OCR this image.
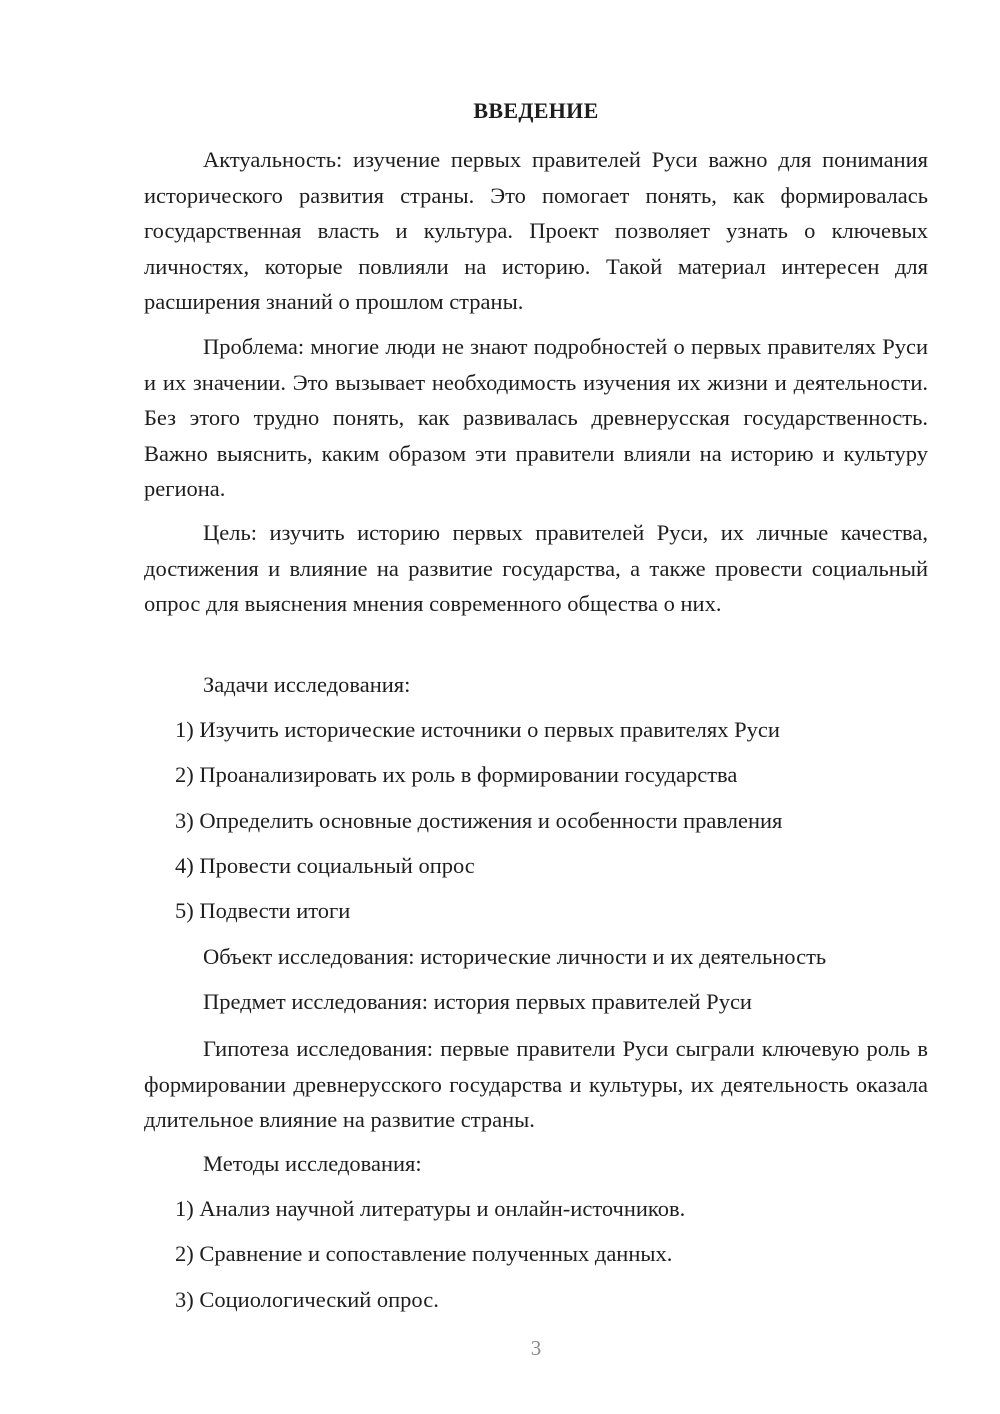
ВВЕДЕНИЕ

Актуальность: изучение первых правителей Руси важно для понимания исторического развития страны. Это помогает понять, как формировалась государственная власть и культура. Проект позволяет узнать о ключевых личностях, которые повлияли на историю. Такой материал интересен для расширения знаний о прошлом страны.

Проблема: многие люди не знают подробностей о первых правителях Руси и их значении. Это вызывает необходимость изучения их жизни и деятельности. Без этого трудно понять, как развивалась древнерусская государственность. Важно выяснить, каким образом эти правители влияли на историю и культуру региона.

Цель: изучить историю первых правителей Руси, их личные качества, достижения и влияние на развитие государства, а также провести социальный опрос для выяснения мнения современного общества о них.

Задачи исследования:

1) Изучить исторические источники о первых правителях Руси

2) Проанализировать их роль в формировании государства

3) Определить основные достижения и особенности правления

4) Провести социальный опрос

5) Подвести итоги

Объект исследования: исторические личности и их деятельность

Предмет исследования: история первых правителей Руси

Гипотеза исследования: первые правители Руси сыграли ключевую роль в формировании древнерусского государства и культуры, их деятельность оказала длительное влияние на развитие страны.

Методы исследования:

1) Анализ научной литературы и онлайн-источников.

2) Сравнение и сопоставление полученных данных.

3) Социологический опрос.

3
